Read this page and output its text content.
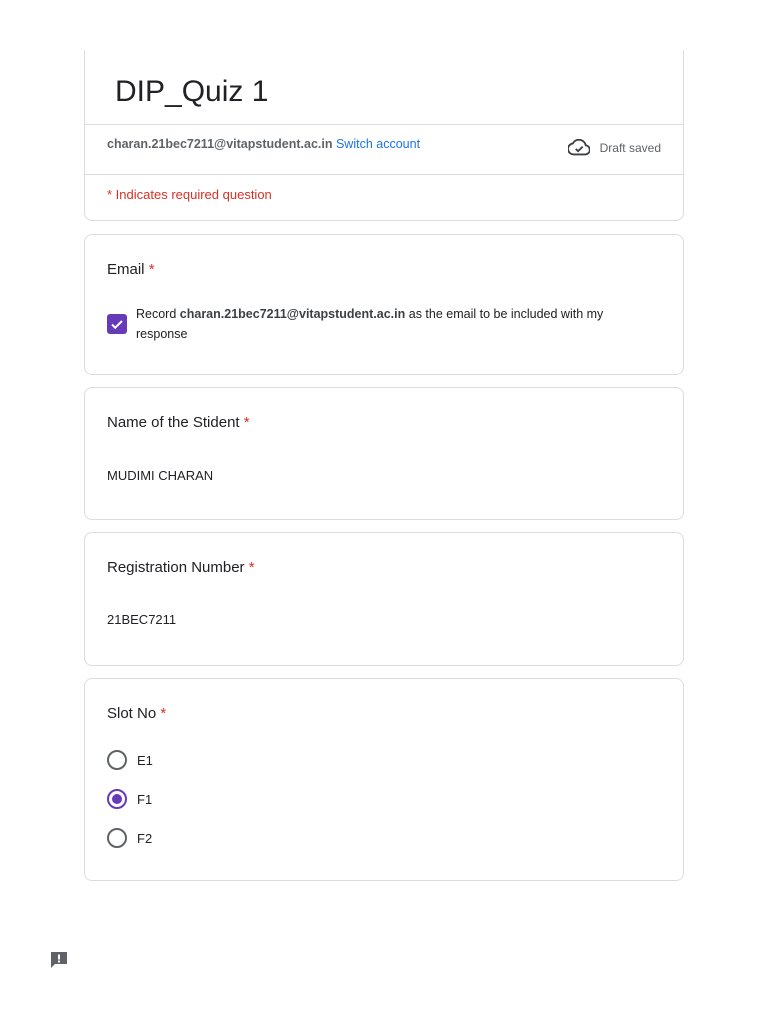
DIP_Quiz 1
charan.21bec7211@vitapstudent.ac.in Switch account	Draft saved
* Indicates required question
Email *
Record charan.21bec7211@vitapstudent.ac.in as the email to be included with my response
Name of the Stident *
MUDIMI CHARAN
Registration Number *
21BEC7211
Slot No *
E1
F1
F2
